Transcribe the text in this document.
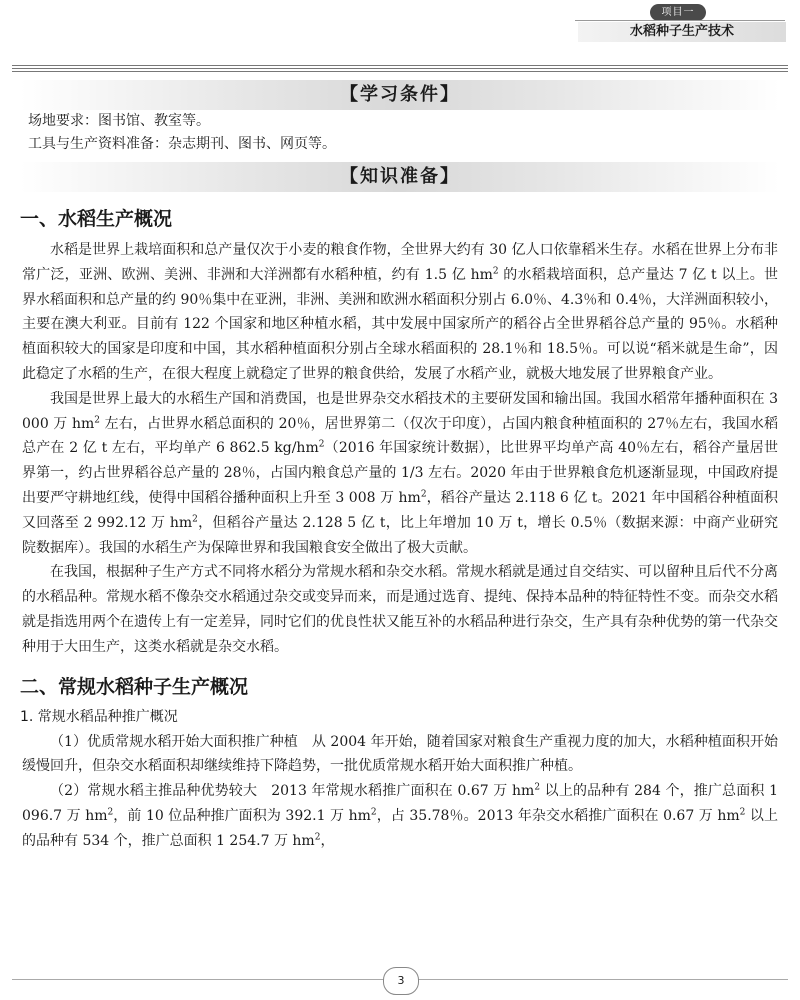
项目一
水稻种子生产技术
【学习条件】

场地要求：图书馆、教室等。

工具与生产资料准备：杂志期刊、图书、网页等。

【知识准备】
一、水稻生产概况

水稻是世界上栽培面积和总产量仅次于小麦的粮食作物，全世界大约有 30 亿人口依靠稻米生存。水稻在世界上分布非常广泛，亚洲、欧洲、美洲、非洲和大洋洲都有水稻种植，约有 1.5 亿 $hm^2$ 的水稻栽培面积，总产量达 7 亿 t 以上。世界水稻面积和总产量的约 90％集中在亚洲，非洲、美洲和欧洲水稻面积分别占 6.0％、4.3％和 0.4％，大洋洲面积较小，主要在澳大利亚。目前有 122 个国家和地区种植水稻，其中发展中国家所产的稻谷占全世界稻谷总产量的 95％。水稻种植面积较大的国家是印度和中国，其水稻种植面积分别占全球水稻面积的 28.1％和 18.5％。可以说“稻米就是生命”，因此稳定了水稻的生产，在很大程度上就稳定了世界的粮食供给，发展了水稻产业，就极大地发展了世界粮食产业。

我国是世界上最大的水稻生产国和消费国，也是世界杂交水稻技术的主要研发国和输出国。我国水稻常年播种面积在 3 000 万 $hm^2$ 左右，占世界水稻总面积的 20％，居世界第二（仅次于印度），占国内粮食种植面积的 27％左右，我国水稻总产在 2 亿 t 左右，平均单产 6 862.5 $kg/hm^2(2016$ 年国家统计数据），比世界平均单产高 40％左右，稻谷产量居世界第一，约占世界稻谷总产量的 28％，占国内粮食总产量的 1/3 左右。2020 年由于世界粮食危机逐渐显现，中国政府提出要严守耕地红线，使得中国稻谷播种面积上升至 3 008 万 $hm^2$，稻谷产量达 2.118 6 亿 t。2021 年中国稻谷种植面积又回落至 2 992.12 万 $hm^2$，但稻谷产量达 2.128 5 亿 t，比上年增加 10 万 t，增长 0.5％（数据来源：中商产业研究院数据库）。我国的水稻生产为保障世界和我国粮食安全做出了极大贡献。

在我国，根据种子生产方式不同将水稻分为常规水稻和杂交水稻。常规水稻就是通过自交结实、可以留种且后代不分离的水稻品种。常规水稻不像杂交水稻通过杂交或变异而来，而是通过选育、提纯、保持本品种的特征特性不变。而杂交水稻就是指选用两个在遗传上有一定差异，同时它们的优良性状又能互补的水稻品种进行杂交，生产具有杂种优势的第一代杂交种用于大田生产，这类水稻就是杂交水稻。

二、常规水稻种子生产概况
1. 常规水稻品种推广概况

（1）优质常规水稻开始大面积推广种植　从 2004 年开始，随着国家对粮食生产重视力度的加大，水稻种植面积开始缓慢回升，但杂交水稻面积却继续维持下降趋势，一批优质常规水稻开始大面积推广种植。

（2）常规水稻主推品种优势较大　2013 年常规水稻推广面积在 0.67 万 $hm^2$ 以上的品种有 284 个，推广总面积 1 096.7 万 $hm^2$，前 10 位品种推广面积为 392.1 万 $hm^2$，占 35.78％。2013 年杂交水稻推广面积在 0.67 万 $hm^2$ 以上的品种有 534 个，推广总面积 1 254.7 万 $hm^2$，

3
